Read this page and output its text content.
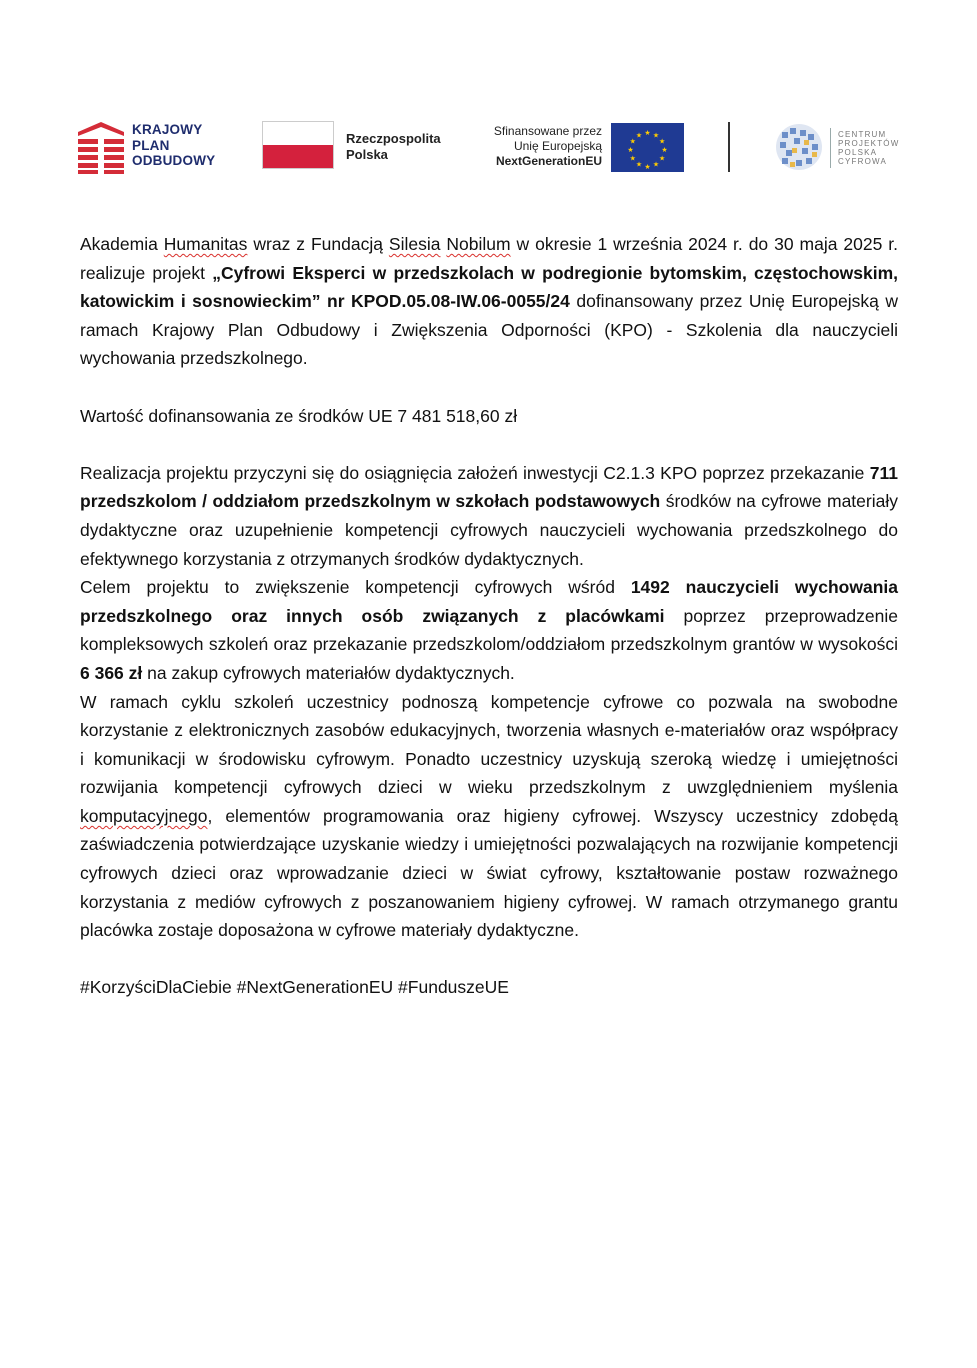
KRAJOWY
PLAN
ODBUDOWY
Rzeczpospolita
Polska
Sfinansowane przez
Unię Europejską
NextGenerationEU
★ ★
★
★
★
★
★
★
★
★
★
★	CENTRUM
PROJEKTÓW
POLSKA
CYFROWA

Akademia Humanitas wraz z Fundacją Silesia Nobilum w okresie 1 września 2024 r. do 30 maja 2025 r. realizuje projekt „Cyfrowi Eksperci w przedszkolach w podregionie bytomskim, częstochowskim, katowickim i sosnowieckim” nr KPOD.05.08-IW.06-0055/24 dofinansowany przez Unię Europejską w ramach Krajowy Plan Odbudowy i Zwiększenia Odporności (KPO) - Szkolenia dla nauczycieli wychowania przedszkolnego.

Wartość dofinansowania ze środków UE 7 481 518,60 zł

Realizacja projektu przyczyni się do osiągnięcia założeń inwestycji C2.1.3 KPO poprzez przekazanie 711 przedszkolom / oddziałom przedszkolnym w szkołach podstawowych środków na cyfrowe materiały dydaktyczne oraz uzupełnienie kompetencji cyfrowych nauczycieli wychowania przedszkolnego do efektywnego korzystania z otrzymanych środków dydaktycznych.

Celem projektu to zwiększenie kompetencji cyfrowych wśród 1492 nauczycieli wychowania przedszkolnego oraz innych osób związanych z placówkami poprzez przeprowadzenie kompleksowych szkoleń oraz przekazanie przedszkolom/oddziałom przedszkolnym grantów w wysokości 6 366 zł na zakup cyfrowych materiałów dydaktycznych.

W ramach cyklu szkoleń uczestnicy podnoszą kompetencje cyfrowe co pozwala na swobodne korzystanie z elektronicznych zasobów edukacyjnych, tworzenia własnych e-materiałów oraz współpracy i komunikacji w środowisku cyfrowym. Ponadto uczestnicy uzyskują szeroką wiedzę i umiejętności rozwijania kompetencji cyfrowych dzieci w wieku przedszkolnym z uwzględnieniem myślenia komputacyjnego, elementów programowania oraz higieny cyfrowej. Wszyscy uczestnicy zdobędą zaświadczenia potwierdzające uzyskanie wiedzy i umiejętności pozwalających na rozwijanie kompetencji cyfrowych dzieci oraz wprowadzanie dzieci w świat cyfrowy, kształtowanie postaw rozważnego korzystania z mediów cyfrowych z poszanowaniem higieny cyfrowej. W ramach otrzymanego grantu placówka zostaje doposażona w cyfrowe materiały dydaktyczne.

#KorzyściDlaCiebie #NextGenerationEU #FunduszeUE
